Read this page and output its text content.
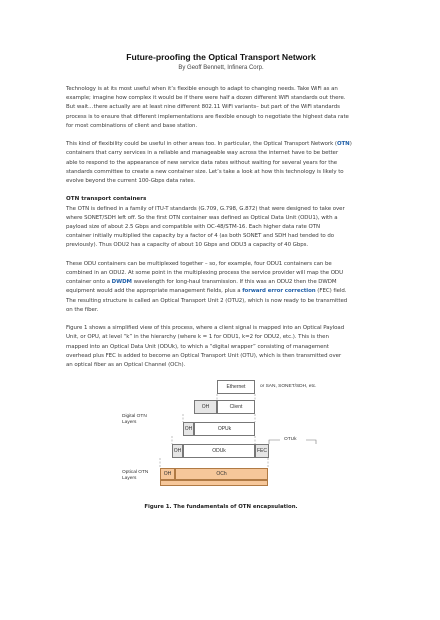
Future-proofing the Optical Transport Network

By Geoff Bennett, Infinera Corp.

Technology is at its most useful when it’s flexible enough to adapt to changing needs. Take WiFi as an

example; imagine how complex it would be if there were half a dozen different WiFi standards out there.

But wait…there actually are at least nine different 802.11 WiFi variants– but part of the WiFi standards

process is to ensure that different implementations are flexible enough to negotiate the highest data rate

for most combinations of client and base station.

This kind of flexibility could be useful in other areas too. In particular, the Optical Transport Network (OTN)

containers that carry services in a reliable and manageable way across the internet have to be better

able to respond to the appearance of new service data rates without waiting for several years for the

standards committee to create a new container size. Let’s take a look at how this technology is likely to

evolve beyond the current 100-Gbps data rates.

OTN transport containers

The OTN is defined in a family of ITU-T standards (G.709, G.798, G.872) that were designed to take over

where SONET/SDH left off. So the first OTN container was defined as Optical Data Unit (ODU1), with a

payload size of about 2.5 Gbps and compatible with OC-48/STM-16. Each higher data rate OTN

container initially multiplied the capacity by a factor of 4 (as both SONET and SDH had tended to do

previously). Thus ODU2 has a capacity of about 10 Gbps and ODU3 a capacity of 40 Gbps.

These ODU containers can be multiplexed together – so, for example, four ODU1 containers can be

combined in an ODU2. At some point in the multiplexing process the service provider will map the ODU

container onto a DWDM wavelength for long-haul transmission. If this was an ODU2 then the DWDM

equipment would add the appropriate management fields, plus a forward error correction (FEC) field.

The resulting structure is called an Optical Transport Unit 2 (OTU2), which is now ready to be transmitted

on the fiber.

Figure 1 shows a simplified view of this process, where a client signal is mapped into an Optical Payload

Unit, or OPU, at level “k” in the hierarchy (where k = 1 for ODU1, k=2 for ODU2, etc.). This is then

mapped into an Optical Data Unit (ODUk), to which a “digital wrapper” consisting of management

overhead plus FEC is added to become an Optical Transport Unit (OTU), which is then transmitted over

an optical fiber as an Optical Channel (OCh).

Ethernet	or SAN, SONET/SDH, etc.
OH	Client
OH	OPUk
Digital OTN
Layers
OH	ODUk	FEC
OTUk
Optical OTN
Layers
OH	OCh

Figure 1. The fundamentals of OTN encapsulation.
